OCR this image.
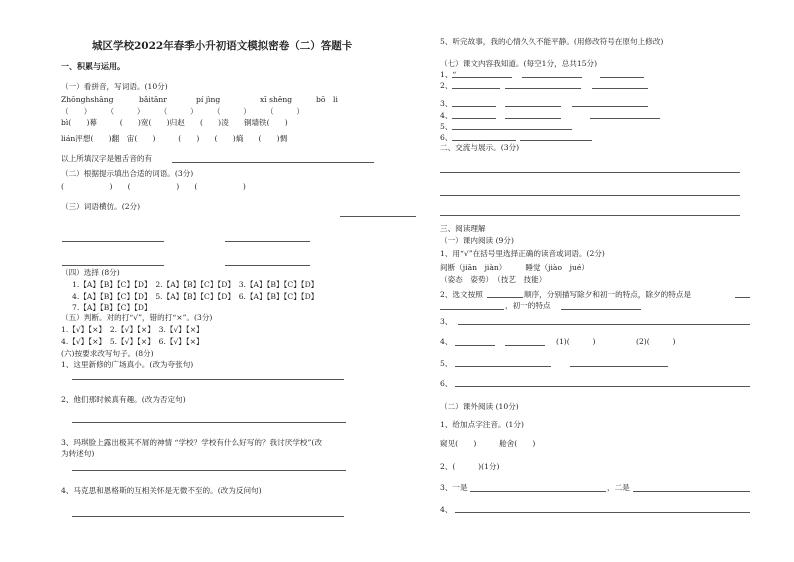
城区学校2022年春季小升初语文模拟密卷（二）答题卡
一、积累与运用。
（一）看拼音，写词语。(10分)
Zhōnghshāng	bǎitānr	pí jìng	xī shēng	bō　li
（　　）　　　（　　　）　　　（　　　）　　　（　　　）　　　（　　　）
bì(　　)幕　　　(　　)宽(　　)归赵　　(　　)凌　　铜墙铁(　　)
lián泙想(　　)翻　宙(　　)　　　(　　)　　(　　)熵　　(　　)惆
以上所填汉字是翘舌音的有
（二）根据提示填出合适的词语。(3分)
(　　　　　　)　　(　　　　　　)　　(　　　　　　)
（三）词语横仿。(2分)
（四）选择 (8分)
1.【A】【B】【C】【D】　2.【A】【B】【C】【D】　3.【A】【B】【C】【D】
4.【A】【B】【C】【D】　5.【A】【B】【C】【D】　6.【A】【B】【C】【D】
7.【A】【B】【C】【D】
（五）判断。对的打“√”，错的打“×”。(3分)
1.【√】【×】　2.【√】【×】　3.【√】【×】
4.【√】【×】　5.【√】【×】　6.【√】【×】
(六)按要求改写句子。(8分)
1、这里新修的广场真小。(改为夸张句)
2、他们那时候真有趣。(改为否定句)
3、玛琪脸上露出极其不屑的神情 “学校？学校有什么好写的？我讨厌学校”(改
为转述句)
4、马克思和恩格斯的互相关怀是无微不至的。(改为反问句)
5、听完故事，我的心情久久不能平静。(用修改符号在原句上修改)
（七）课文内容我知道。(每空1分，总共15分)
1、“
2、
3、
4、
5、
6、
二、交流与展示。(3分)
三、阅读理解
（一）课内阅读 (9分)
1、用“√”在括号里选择正确的读音或词语。(2分)
间断（jiān　jiàn）　　　睡觉（jiào　jué）
（姿态　姿势）　（技艺　技能）
2、选文按照	顺序，分别描写除夕和初一的特点，除夕的特点是
，初一的特点
3、
4、	(1)(　　　)	(2)(　　　)
5、
6、
（二）课外阅读 (10分)
1、给加点字注音。(1分)
窥见(　　)　　　舱舍(　　)
2、(　　　)(1分)
3、一是	，二是
4、
